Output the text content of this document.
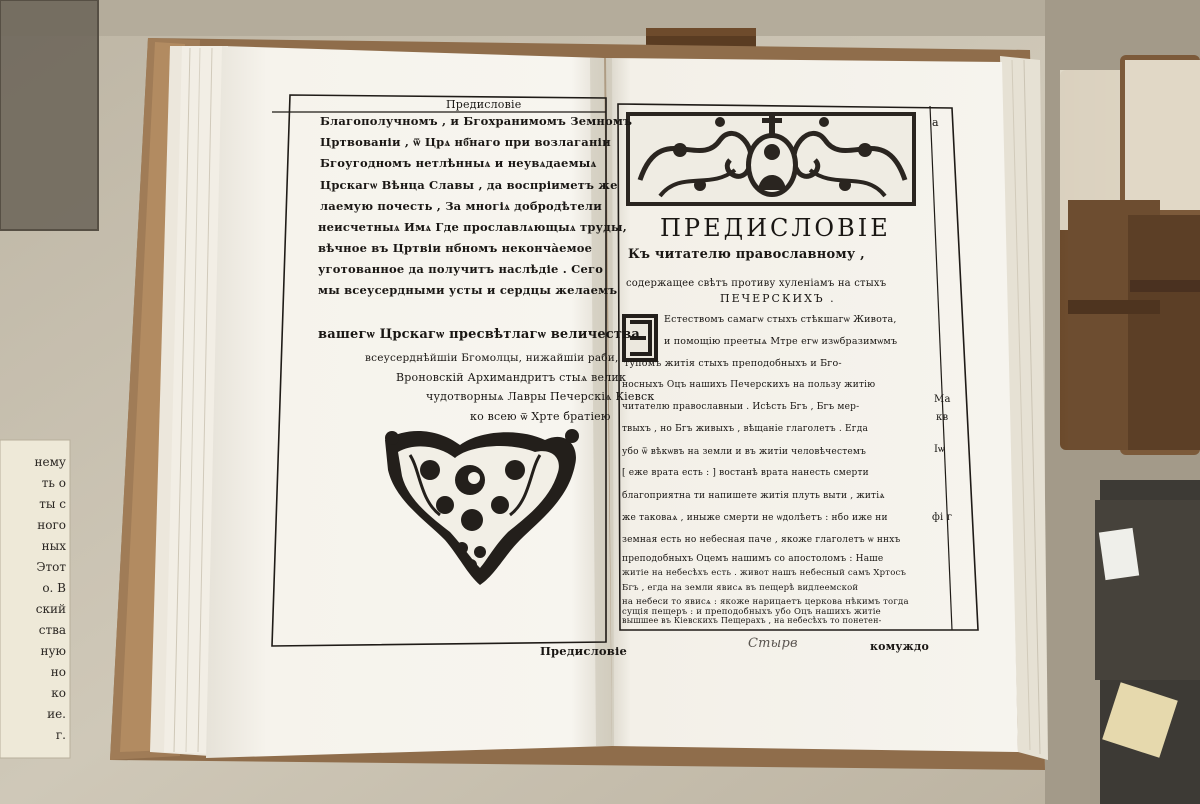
Предисловіе
Благополучномъ , и Бгохранимомъ Земномъ
Цртвованіи , ѿ Црѧ нб҃наго при возлаганіи
Бгоугодномъ нетлѣнныѧ и неувѧдаемыѧ
Црскагѡ Вѣнца Славы , да воспріиметъ же
лаемую почесть , За многіѧ добродѣтели
неисчетныѧ Имѧ Где прославлѧющыѧ труды,
вѣчное въ Цртвіи нбномъ неконча̀емое
уготованное да получитъ наслѣдіе . Сего
мы всеусердными усты и сердцы желаемъ
вашегѡ Црскагѡ пресвѣтлагѡ величества
всеусерднѣйшіи Бгомолцы, нижайшіи раби,
Вроновскій Архимандритъ стыѧ велик
чудотворныѧ Лавры Печерскіѧ Кіевск
ко всею ѿ Хрте братіею
Предисловіе
а
ПРЕДИСЛОВІЕ
Къ читателю православному ,
содержащее свѣтъ противу хуленіамъ на стыхъ
ПЕЧЕРСКИХЪ .
Естествомъ самагѡ стыхъ стѣкшагѡ Живота,
и помощію преетыѧ Мтре егѡ изѡбразимѡмъ
тупомъ житія стыхъ преподобныхъ и Бго-
носныхъ Оцъ нашихъ Печерскихъ на пользу житію
читателю православныи . Исѣсть Бгъ , Бгъ мер-
твыхъ , но Бгъ живыхъ , вѣщаніе глаголетъ . Егда
убо ѿ вѣкѡвъ на земли и въ житіи человѣчестемъ
[ еже врата есть : ] востанѣ врата нанесть смерти
благоприятна ти напишете житія плуть выти , житіѧ
же таковаѧ , иныже смерти не ѡдолѣетъ : нбо иже ни
земная есть но небесная паче , якоже глаголетъ ѡ ннхъ
преподобныхъ Оцемъ нашимъ со апостоломъ : Наше
житіе на небесѣхъ есть . живот нашъ небесный самъ Хртосъ
Бгъ , егда на земли явисѧ въ пещерѣ видлеемской
на небеси то явисѧ : якоже нарицаетъ церкова нѣкимъ тогда
сущія пещеръ : и преподобныхъ убо Оцъ нашихъ житіе
вышшее въ Кіевскихъ Пещерахъ , на небесѣхъ то понетен-
Мa
кв
Іѡ
фі г
Стырв	комуждо
нему
ть о
ты с
ного
ных
Этот
о. В
ский
ства
ную
но
ко
ие.
г.
